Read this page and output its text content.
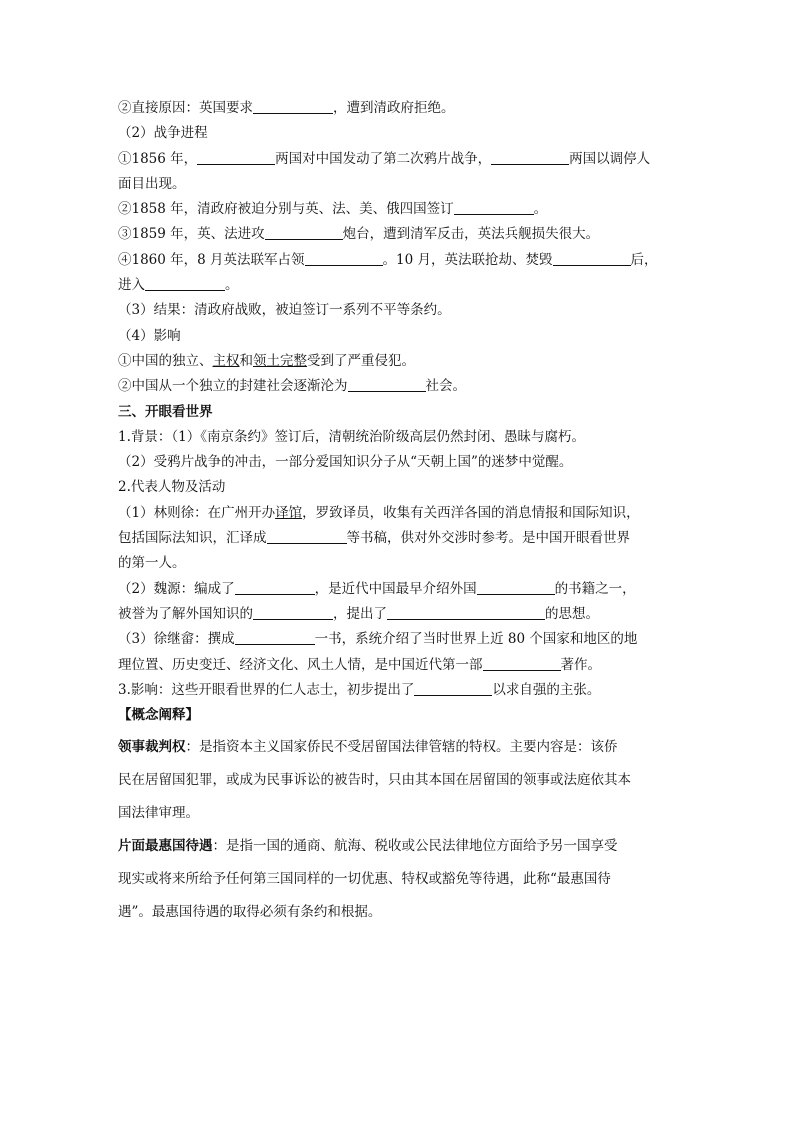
②直接原因：英国要求	，遭到清政府拒绝。
（2）战争进程
①1856 年，	两国对中国发动了第二次鸦片战争，	两国以调停人
面目出现。
②1858 年，清政府被迫分别与英、法、美、俄四国签订	。
③1859 年，英、法进攻	炮台，遭到清军反击，英法兵舰损失很大。
④1860 年，8 月英法联军占领	。10 月，英法联抢劫、焚毁	后，
进入	。
（3）结果：清政府战败，被迫签订一系列不平等条约。
（4）影响
①中国的独立、主权和领土完整受到了严重侵犯。
②中国从一个独立的封建社会逐渐沦为	社会。
三、开眼看世界
1.背景：（1）《南京条约》签订后，清朝统治阶级高层仍然封闭、愚昧与腐朽。
（2）受鸦片战争的冲击，一部分爱国知识分子从“天朝上国”的迷梦中觉醒。
2.代表人物及活动
（1）林则徐：在广州开办译馆，罗致译员，收集有关西洋各国的消息情报和国际知识，
包括国际法知识，汇译成	等书稿，供对外交涉时参考。是中国开眼看世界
的第一人。
（2）魏源：编成了	，是近代中国最早介绍外国	的书籍之一，
被誉为了解外国知识的	，提出了	的思想。
（3）徐继畲：撰成	一书，系统介绍了当时世界上近 80 个国家和地区的地
理位置、历史变迁、经济文化、风土人情，是中国近代第一部	著作。
3.影响：这些开眼看世界的仁人志士，初步提出了	以求自强的主张。
【概念阐释】
领事裁判权：是指资本主义国家侨民不受居留国法律管辖的特权。主要内容是：该侨
民在居留国犯罪，或成为民事诉讼的被告时，只由其本国在居留国的领事或法庭依其本
国法律审理。
片面最惠国待遇：是指一国的通商、航海、税收或公民法律地位方面给予另一国享受
现实或将来所给予任何第三国同样的一切优惠、特权或豁免等待遇，此称“最惠国待
遇”。最惠国待遇的取得必须有条约和根据。
